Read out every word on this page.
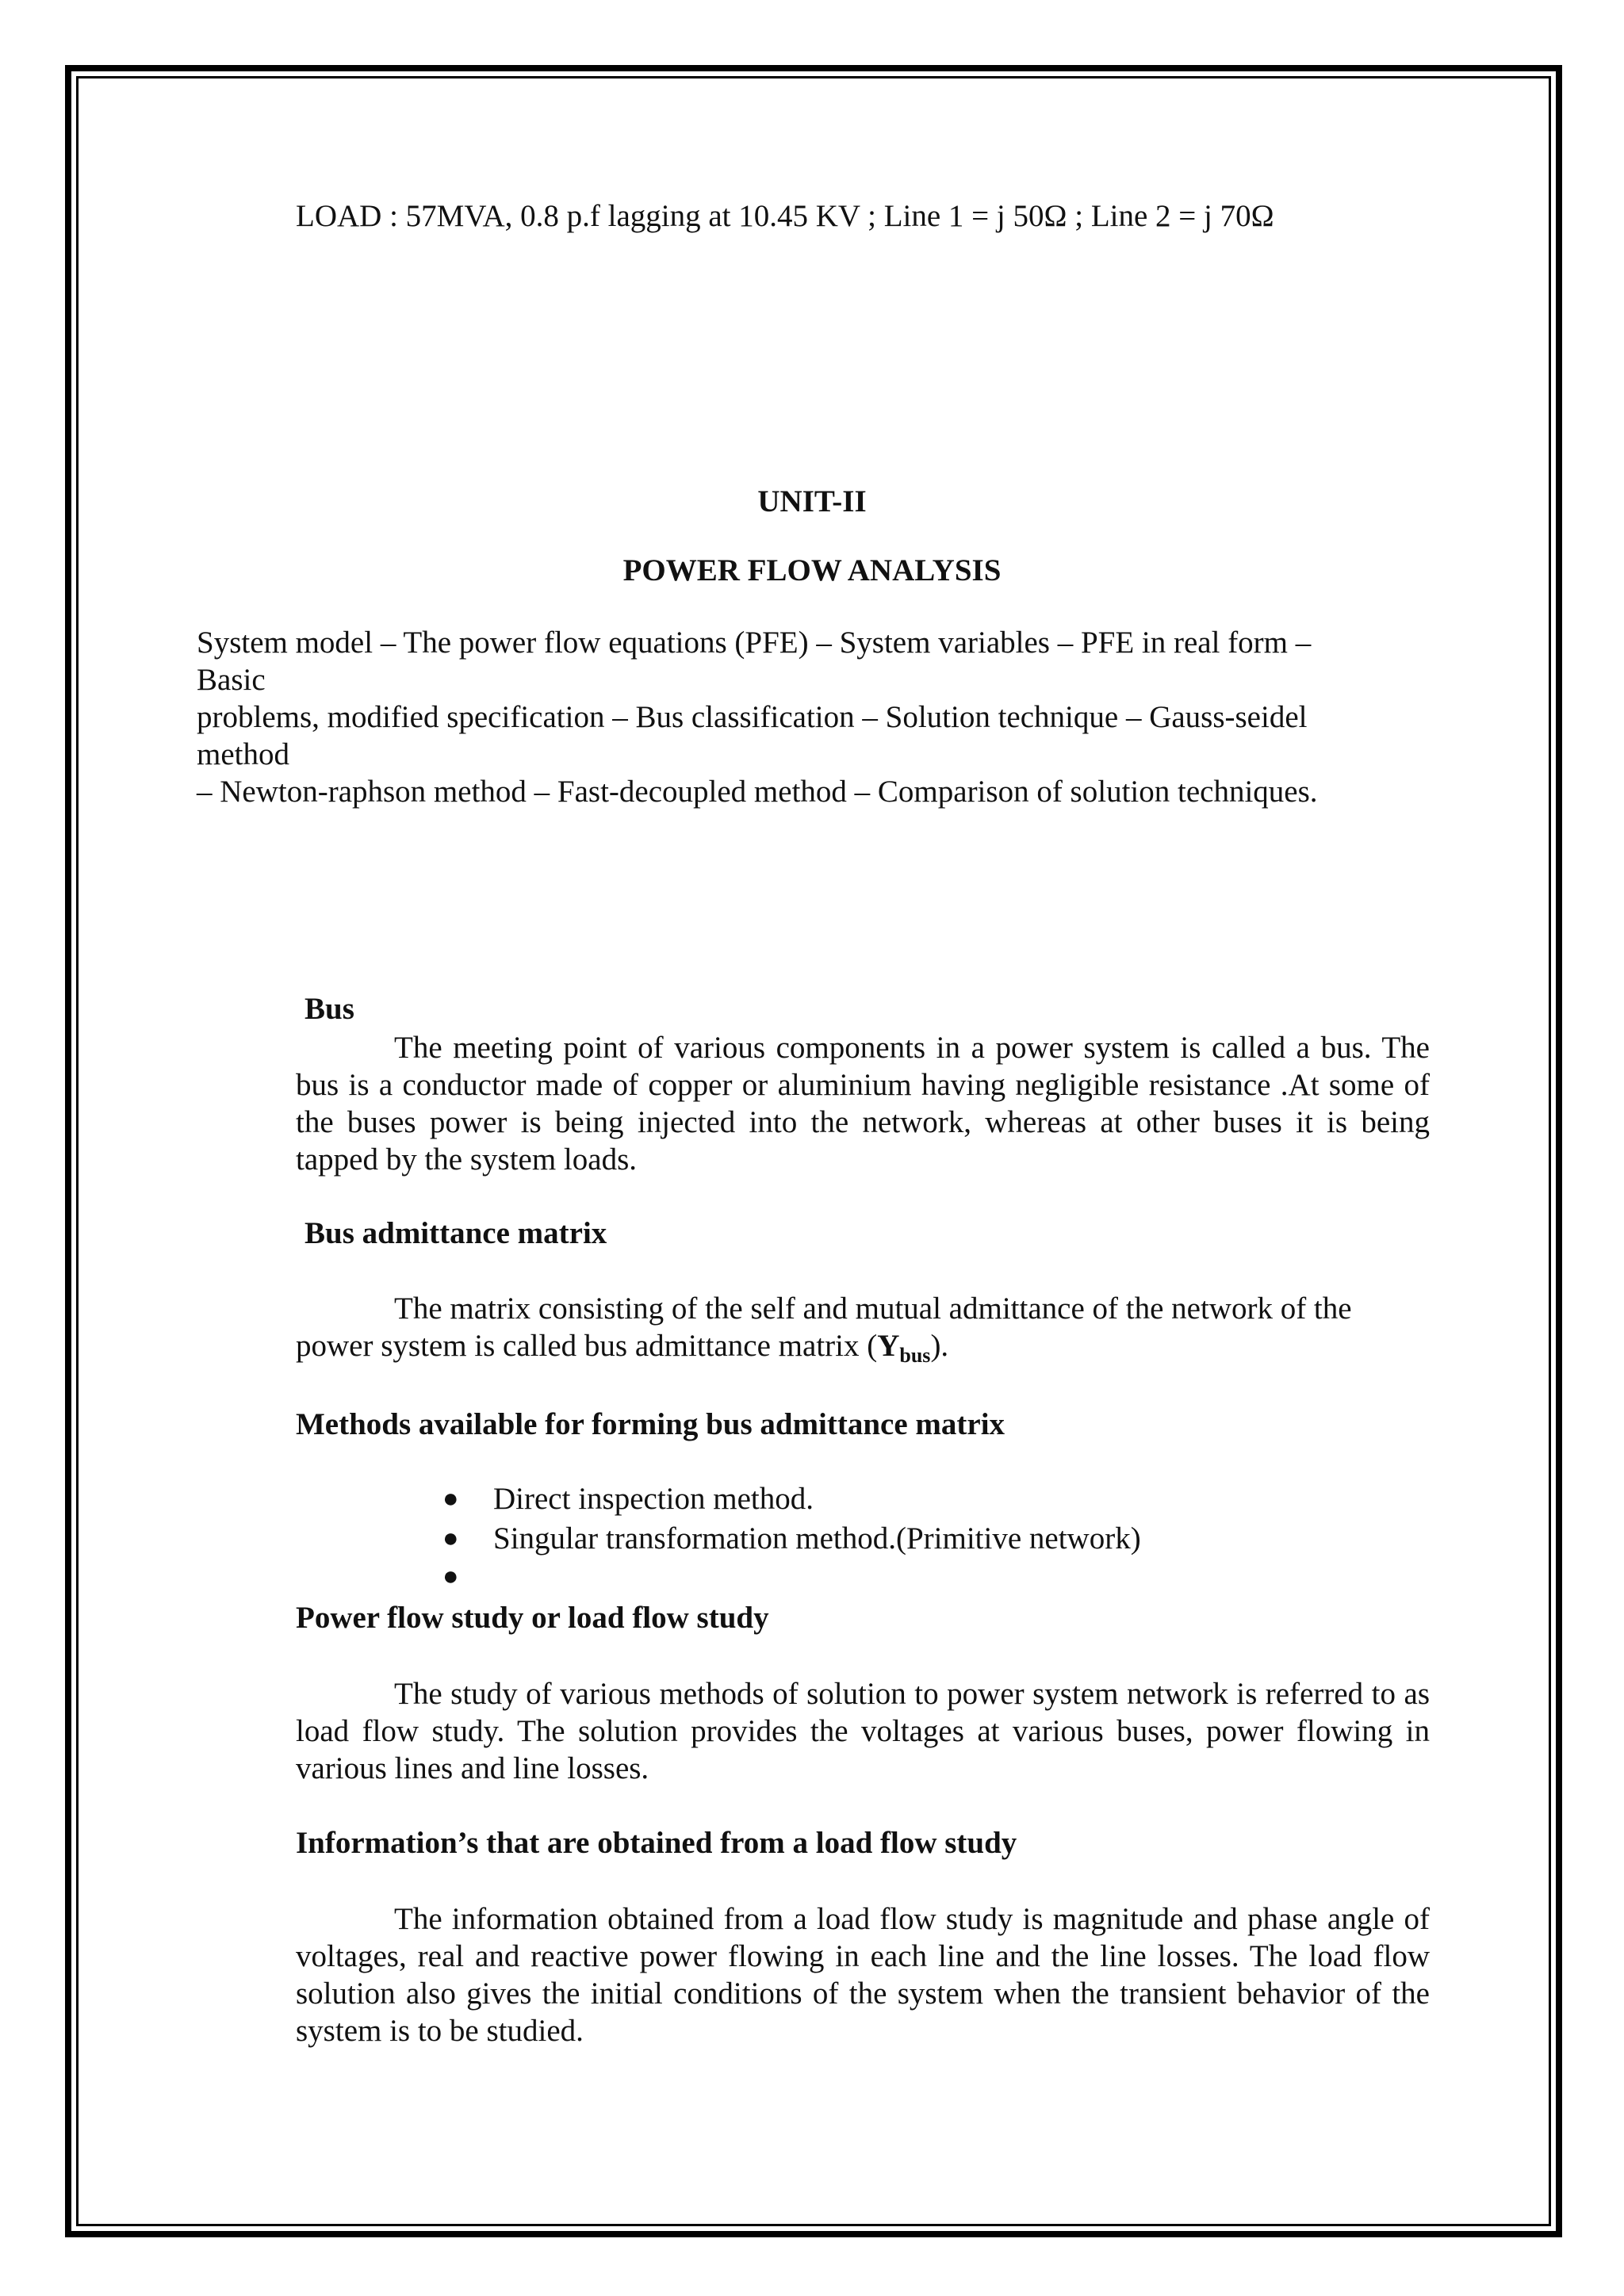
LOAD : 57MVA, 0.8 p.f lagging at 10.45 KV ; Line 1 = j 50Ω ; Line 2 = j 70Ω
UNIT-II
POWER FLOW ANALYSIS
System model – The power flow equations (PFE) – System variables – PFE in real form –
Basic
problems, modified specification – Bus classification – Solution technique – Gauss-seidel
method
– Newton-raphson method – Fast-decoupled method – Comparison of solution techniques.
Bus
The meeting point of various components in a power system is called a bus. The bus is a conductor made of copper or aluminium having negligible resistance .At some of the buses power is being injected into the network, whereas at other buses it is being tapped by the system loads.
Bus admittance matrix
The matrix consisting of the self and mutual admittance of the network of the power system is called bus admittance matrix $(Y_{bus})$.
Methods available for forming bus admittance matrix
● Direct inspection method.
● Singular transformation method.(Primitive network)
●
Power flow study or load flow study
The study of various methods of solution to power system network is referred to as load flow study. The solution provides the voltages at various buses, power flowing in various lines and line losses.
Information’s that are obtained from a load flow study
The information obtained from a load flow study is magnitude and phase angle of voltages, real and reactive power flowing in each line and the line losses. The load flow solution also gives the initial conditions of the system when the transient behavior of the system is to be studied.
